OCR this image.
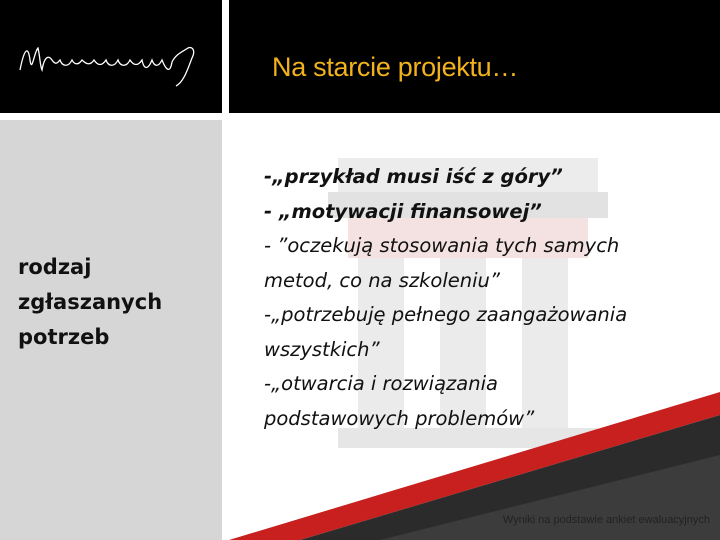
Na starcie projektu…
rodzaj
zgłaszanych
potrzeb
-„przykład musi iść z góry”
- „motywacji finansowej”
- ”oczekują stosowania tych samych
metod, co na szkoleniu”
-„potrzebuję pełnego zaangażowania
wszystkich”
-„otwarcia i rozwiązania
podstawowych problemów”
Wyniki na podstawie ankiet ewaluacyjnych
